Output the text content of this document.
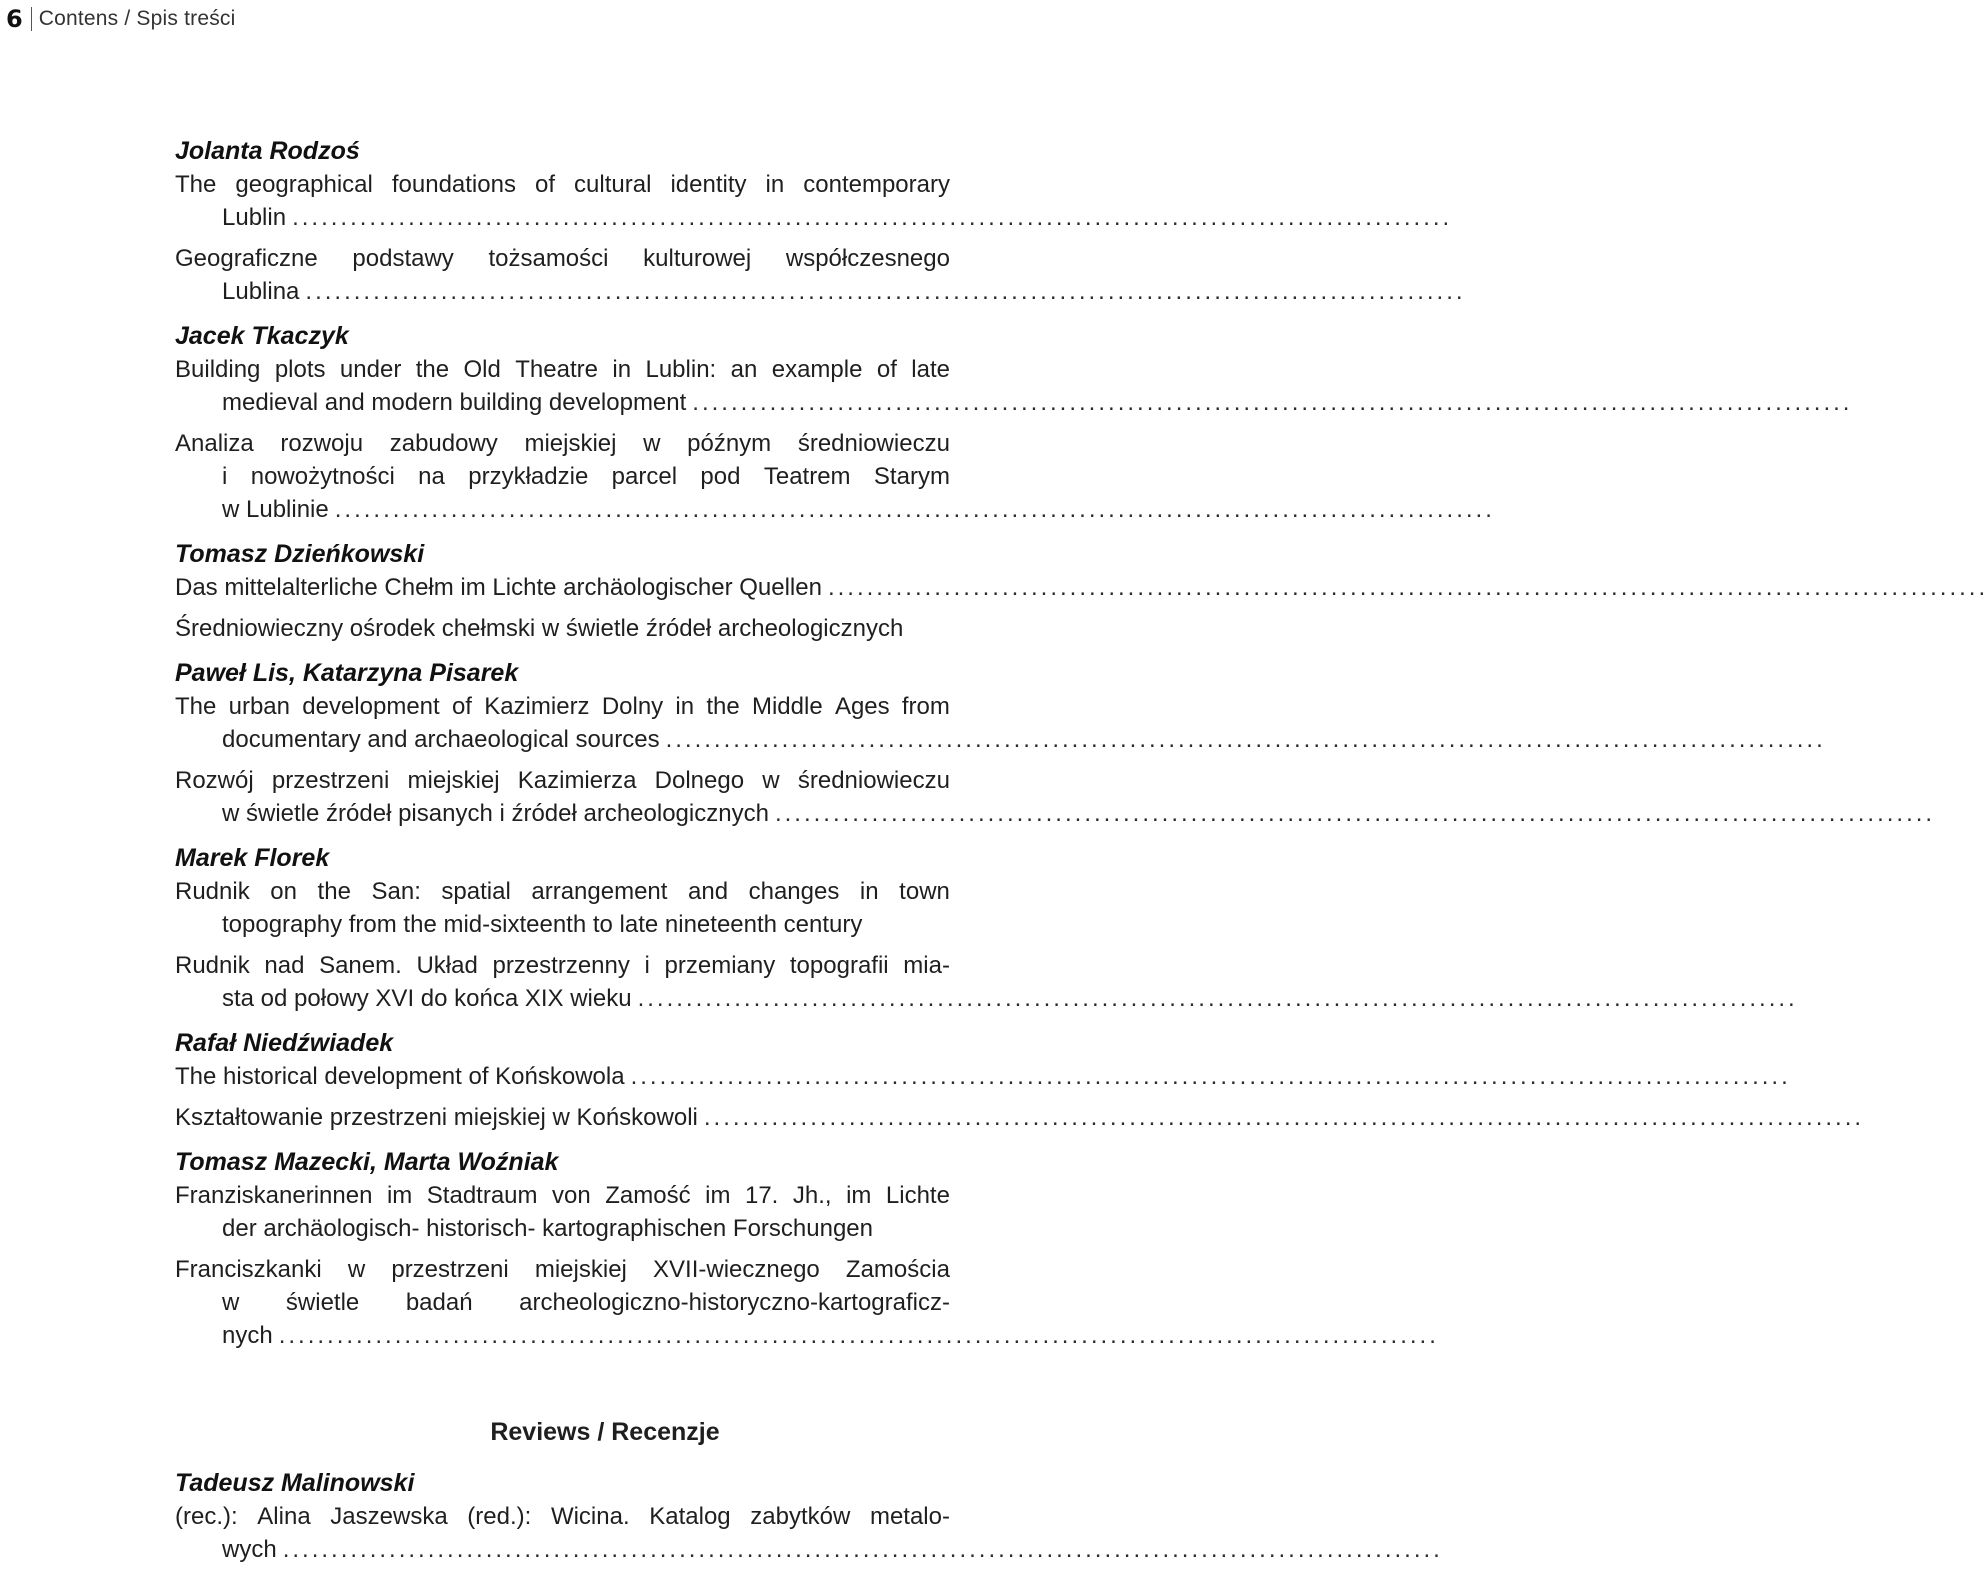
6 Contens / Spis treści
Jolanta Rodzoś
The geographical foundations of cultural identity in contemporary
Lublin ........................................................................................................................
Geograficzne podstawy tożsamości kulturowej współczesnego
Lublina ........................................................................................................................
Jacek Tkaczyk
Building plots under the Old Theatre in Lublin: an example of late
medieval and modern building development ........................................................................................................................
Analiza rozwoju zabudowy miejskiej w późnym średniowieczu
i nowożytności na przykładzie parcel pod Teatrem Starym
w Lublinie ........................................................................................................................
Tomasz Dzieńkowski
Das mittelalterliche Chełm im Lichte archäologischer Quellen ........................................................................................................................
Średniowieczny ośrodek chełmski w świetle źródeł archeologicznych
Paweł Lis, Katarzyna Pisarek
The urban development of Kazimierz Dolny in the Middle Ages from
documentary and archaeological sources ........................................................................................................................
Rozwój przestrzeni miejskiej Kazimierza Dolnego w średniowieczu
w świetle źródeł pisanych i źródeł archeologicznych ........................................................................................................................
Marek Florek
Rudnik on the San: spatial arrangement and changes in town
topography from the mid-sixteenth to late nineteenth century
Rudnik nad Sanem. Układ przestrzenny i przemiany topografii mia-
sta od połowy XVI do końca XIX wieku ........................................................................................................................
Rafał Niedźwiadek
The historical development of Końskowola ........................................................................................................................
Kształtowanie przestrzeni miejskiej w Końskowoli ........................................................................................................................
Tomasz Mazecki, Marta Woźniak
Franziskanerinnen im Stadtraum von Zamość im 17. Jh., im Lichte
der archäologisch- historisch- kartographischen Forschungen
Franciszkanki w przestrzeni miejskiej XVII-wiecznego Zamościa
w świetle badań archeologiczno-historyczno-kartograficz-
nych ........................................................................................................................
Reviews / Recenzje
Tadeusz Malinowski
(rec.): Alina Jaszewska (red.): Wicina. Katalog zabytków metalo-
wych ........................................................................................................................
